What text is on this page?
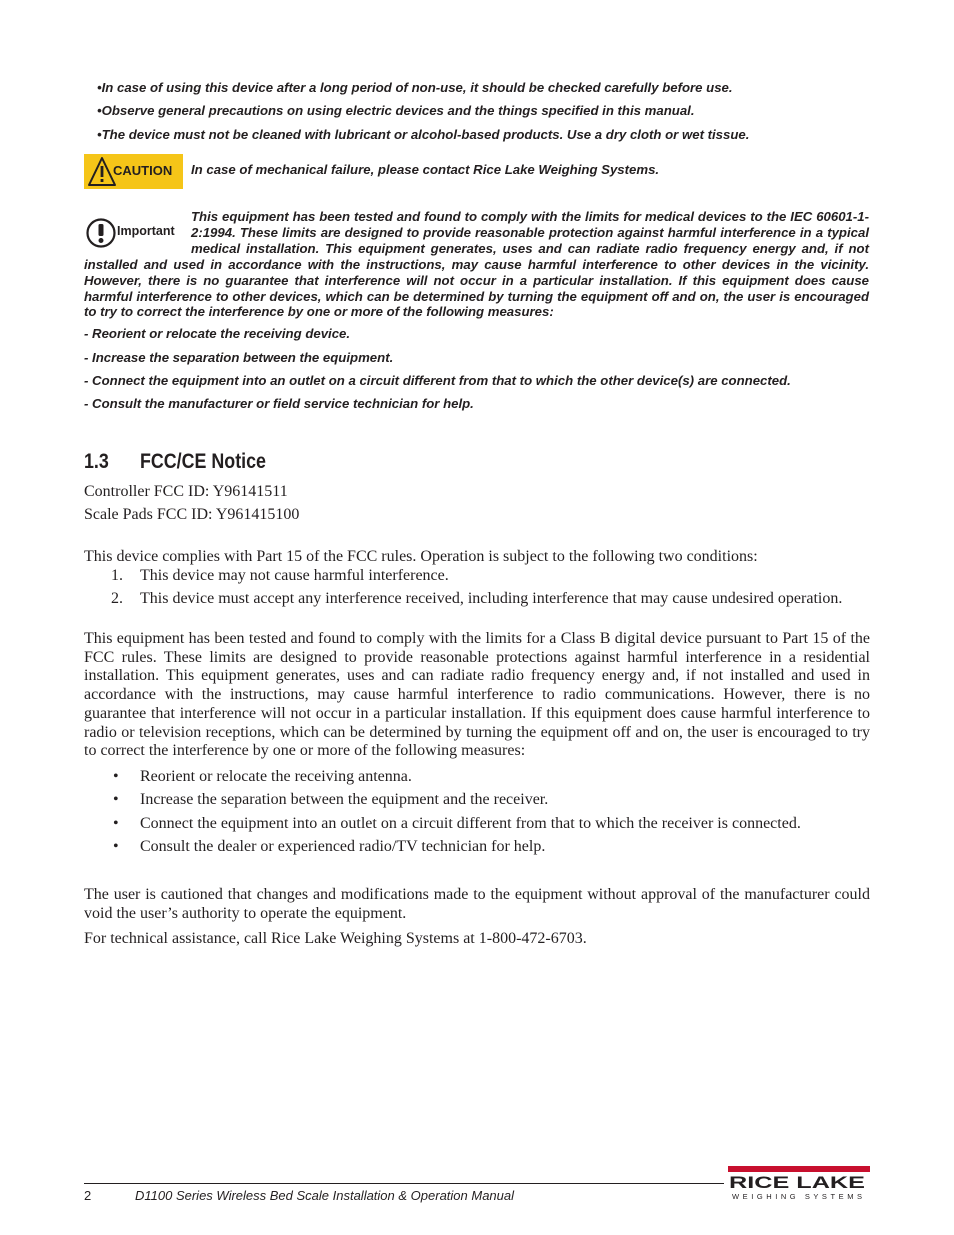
•In case of using this device after a long period of non-use, it should be checked carefully before use.
•Observe general precautions on using electric devices and the things specified in this manual.
•The device must not be cleaned with lubricant or alcohol-based products. Use a dry cloth or wet tissue.
CAUTION In case of mechanical failure, please contact Rice Lake Weighing Systems.
Important

This equipment has been tested and found to comply with the limits for medical devices to the IEC 60601-1-2:1994. These limits are designed to provide reasonable protection against harmful interference in a typical medical installation. This equipment generates, uses and can radiate radio frequency energy and, if not installed and used in accordance with the instructions, may cause harmful interference to other devices in the vicinity. However, there is no guarantee that interference will not occur in a particular installation. If this equipment does cause harmful interference to other devices, which can be determined by turning the equipment off and on, the user is encouraged to try to correct the interference by one or more of the following measures:

- Reorient or relocate the receiving device.
- Increase the separation between the equipment.
- Connect the equipment into an outlet on a circuit different from that to which the other device(s) are connected.
- Consult the manufacturer or field service technician for help.
1.3 FCC/CE Notice
Controller FCC ID: Y96141511
Scale Pads FCC ID: Y961415100
This device complies with Part 15 of the FCC rules. Operation is subject to the following two conditions:
1. This device may not cause harmful interference.

2. This device must accept any interference received, including interference that may cause undesired operation.

This equipment has been tested and found to comply with the limits for a Class B digital device pursuant to Part 15 of the FCC rules. These limits are designed to provide reasonable protections against harmful interference in a residential installation. This equipment generates, uses and can radiate radio frequency energy and, if not installed and used in accordance with the instructions, may cause harmful interference to radio communications. However, there is no guarantee that interference will not occur in a particular installation. If this equipment does cause harmful interference to radio or television receptions, which can be determined by turning the equipment off and on, the user is encouraged to try to correct the interference by one or more of the following measures:

• Reorient or relocate the receiving antenna.
• Increase the separation between the equipment and the receiver.
• Connect the equipment into an outlet on a circuit different from that to which the receiver is connected.
• Consult the dealer or experienced radio/TV technician for help.

The user is cautioned that changes and modifications made to the equipment without approval of the manufacturer could void the user’s authority to operate the equipment.

For technical assistance, call Rice Lake Weighing Systems at 1-800-472-6703.
2	D1100 Series Wireless Bed Scale Installation & Operation Manual
RICE LAKE
WEIGHING SYSTEMS
